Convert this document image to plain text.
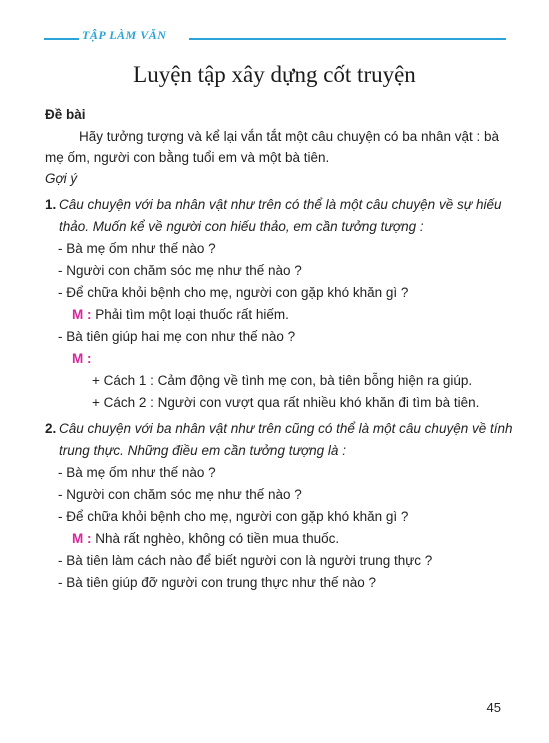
TẬP LÀM VĂN
Luyện tập xây dựng cốt truyện

Đề bài

Hãy tưởng tượng và kể lại vắn tắt một câu chuyện có ba nhân vật : bà mẹ ốm, người con bằng tuổi em và một bà tiên.

Gợi ý

1. Câu chuyện với ba nhân vật như trên có thể là một câu chuyện về sự hiếu thảo. Muốn kể về người con hiếu thảo, em cần tưởng tượng :

- Bà mẹ ốm như thế nào ?

- Người con chăm sóc mẹ như thế nào ?

- Để chữa khỏi bệnh cho mẹ, người con gặp khó khăn gì ?

M : Phải tìm một loại thuốc rất hiếm.

- Bà tiên giúp hai mẹ con như thế nào ?

M :

+ Cách 1 : Cảm động về tình mẹ con, bà tiên bỗng hiện ra giúp.

+ Cách 2 : Người con vượt qua rất nhiều khó khăn đi tìm bà tiên.

2. Câu chuyện với ba nhân vật như trên cũng có thể là một câu chuyện về tính trung thực. Những điều em cần tưởng tượng là :

- Bà mẹ ốm như thế nào ?

- Người con chăm sóc mẹ như thế nào ?

- Để chữa khỏi bệnh cho mẹ, người con gặp khó khăn gì ?

M : Nhà rất nghèo, không có tiền mua thuốc.

- Bà tiên làm cách nào để biết người con là người trung thực ?

- Bà tiên giúp đỡ người con trung thực như thế nào ?

45
